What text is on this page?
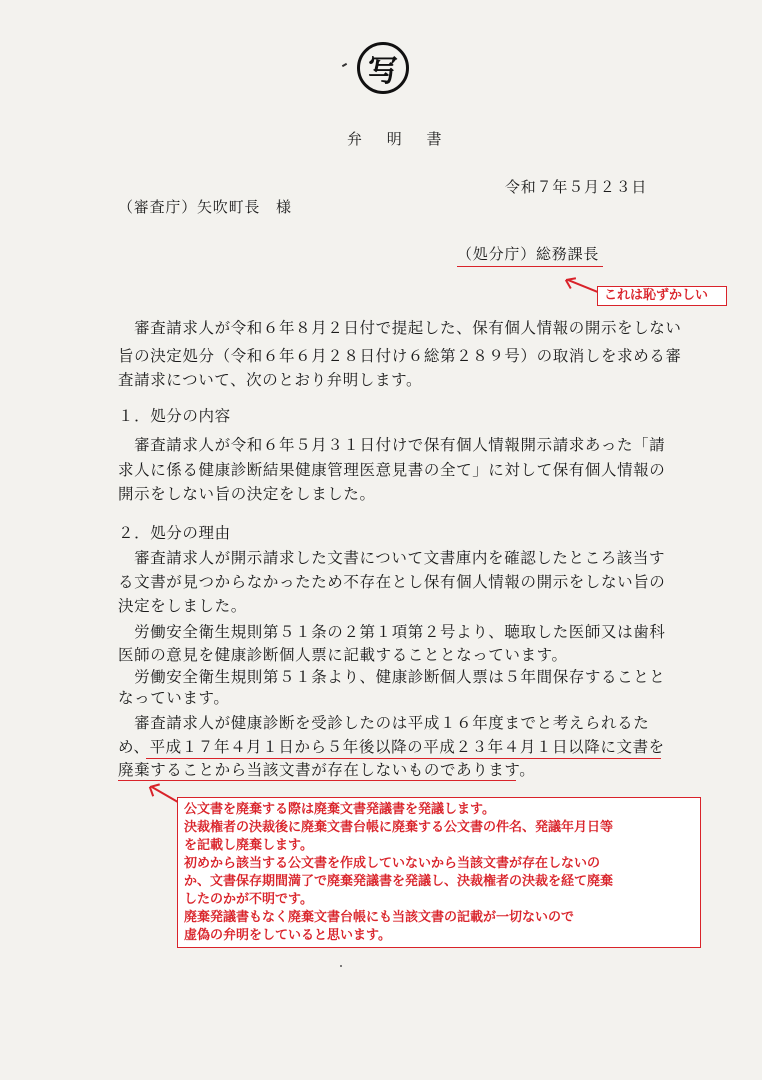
写
弁 明 書
令和７年５月２３日
（審査庁）矢吹町長　様
（処分庁）総務課長
これは恥ずかしい
　審査請求人が令和６年８月２日付で提起した、保有個人情報の開示をしない
旨の決定処分（令和６年６月２８日付け６総第２８９号）の取消しを求める審
査請求について、次のとおり弁明します。
１．処分の内容
　審査請求人が令和６年５月３１日付けで保有個人情報開示請求あった「請
求人に係る健康診断結果健康管理医意見書の全て」に対して保有個人情報の
開示をしない旨の決定をしました。
２．処分の理由
　審査請求人が開示請求した文書について文書庫内を確認したところ該当す
る文書が見つからなかったため不存在とし保有個人情報の開示をしない旨の
決定をしました。
　労働安全衛生規則第５１条の２第１項第２号より、聴取した医師又は歯科
医師の意見を健康診断個人票に記載することとなっています。
　労働安全衛生規則第５１条より、健康診断個人票は５年間保存することと
なっています。
　審査請求人が健康診断を受診したのは平成１６年度までと考えられるた
め、平成１７年４月１日から５年後以降の平成２３年４月１日以降に文書を
廃棄することから当該文書が存在しないものであります。
公文書を廃棄する際は廃棄文書発議書を発議します。
決裁権者の決裁後に廃棄文書台帳に廃棄する公文書の件名、発議年月日等
を記載し廃棄します。
初めから該当する公文書を作成していないから当該文書が存在しないの
か、文書保存期間満了で廃棄発議書を発議し、決裁権者の決裁を経て廃棄
したのかが不明です。
廃棄発議書もなく廃棄文書台帳にも当該文書の記載が一切ないので
虚偽の弁明をしていると思います。
